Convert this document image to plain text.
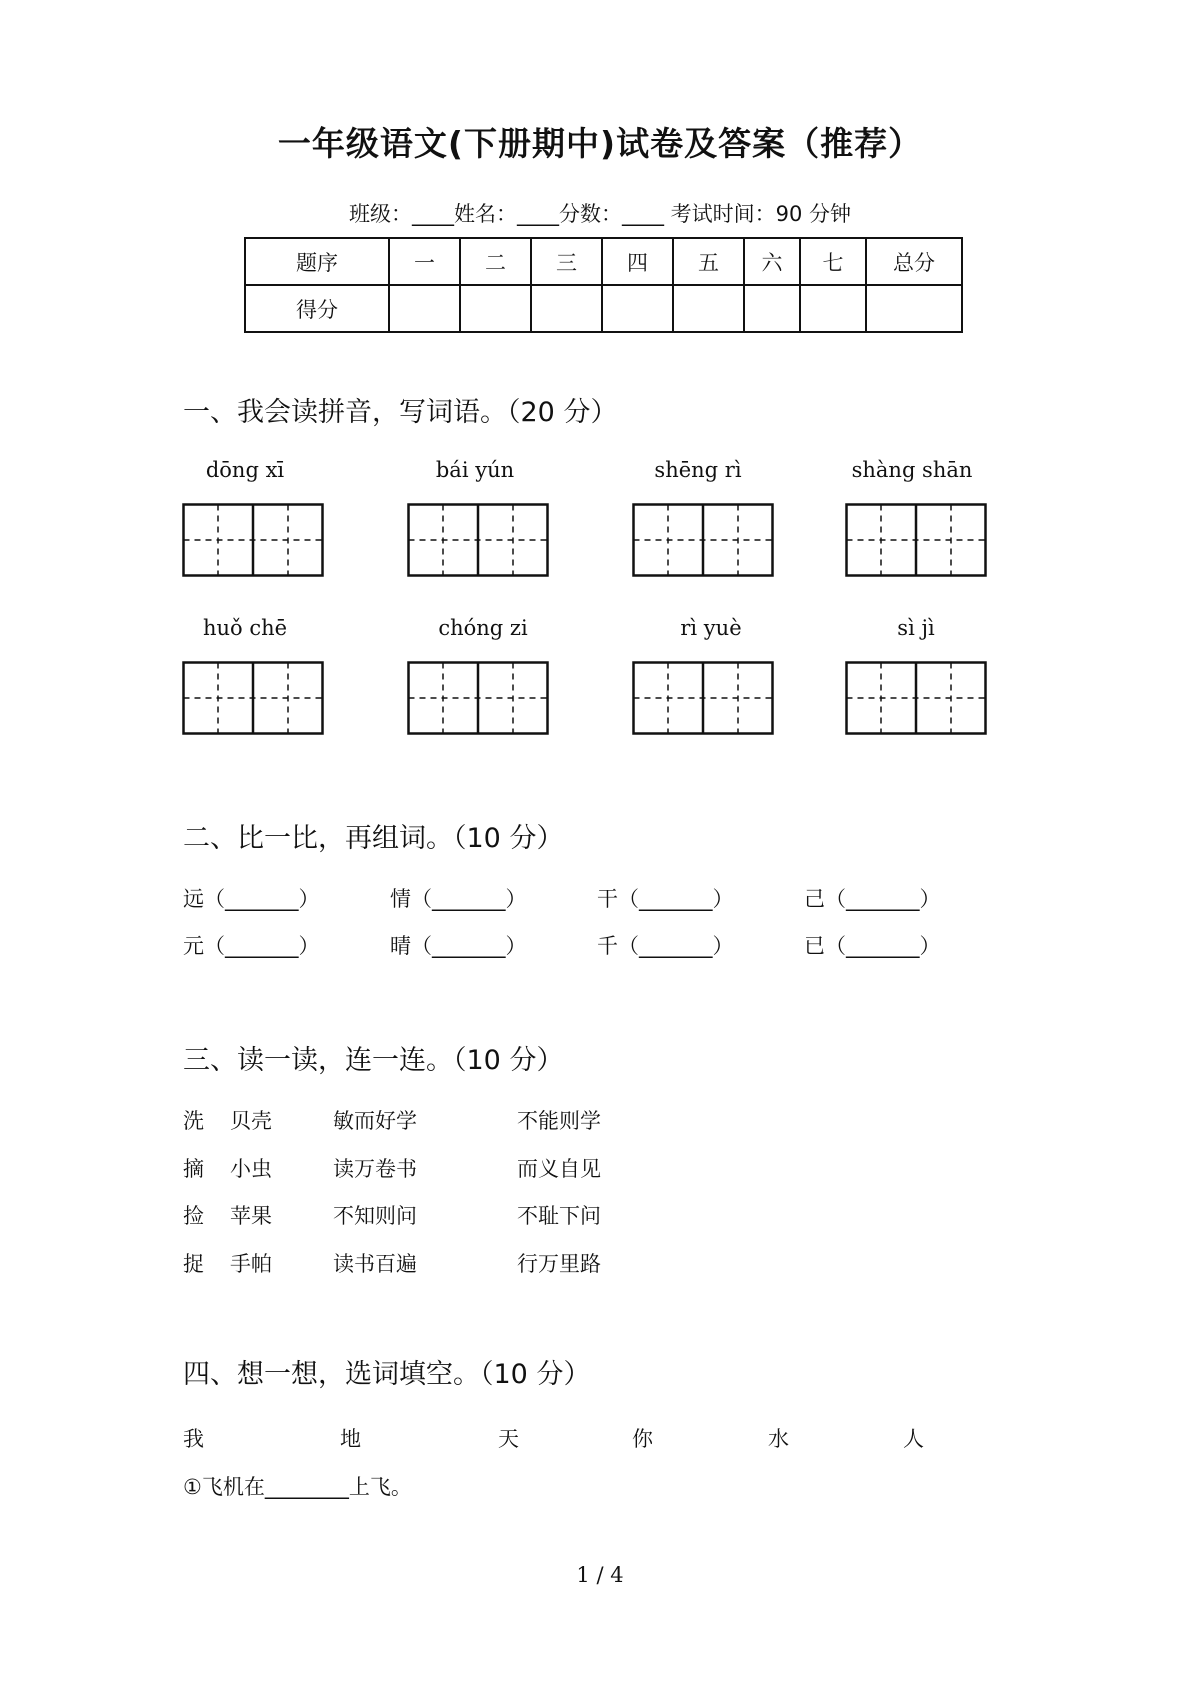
一年级语文(下册期中)试卷及答案（推荐）
班级：____姓名：____分数：____ 考试时间：90 分钟
题序	一	二	三	四	五	六	七	总分
得分								
一、我会读拼音，写词语。（20 分）
dōng xī	bái yún	shēng rì	shàng shān
huǒ chē	chóng zi	rì yuè	sì jì
二、比一比，再组词。（10 分）
远（_______）	情（_______）	干（_______）	己（_______）
元（_______）	晴（_______）	千（_______）	已（_______）
三、读一读，连一连。（10 分）
洗 贝壳	敏而好学	不能则学
摘 小虫	读万卷书	而义自见
捡 苹果	不知则问	不耻下问
捉 手帕	读书百遍	行万里路
四、想一想，选词填空。（10 分）
我	地	天	你	水	人
①飞机在________上飞。
1 / 4
